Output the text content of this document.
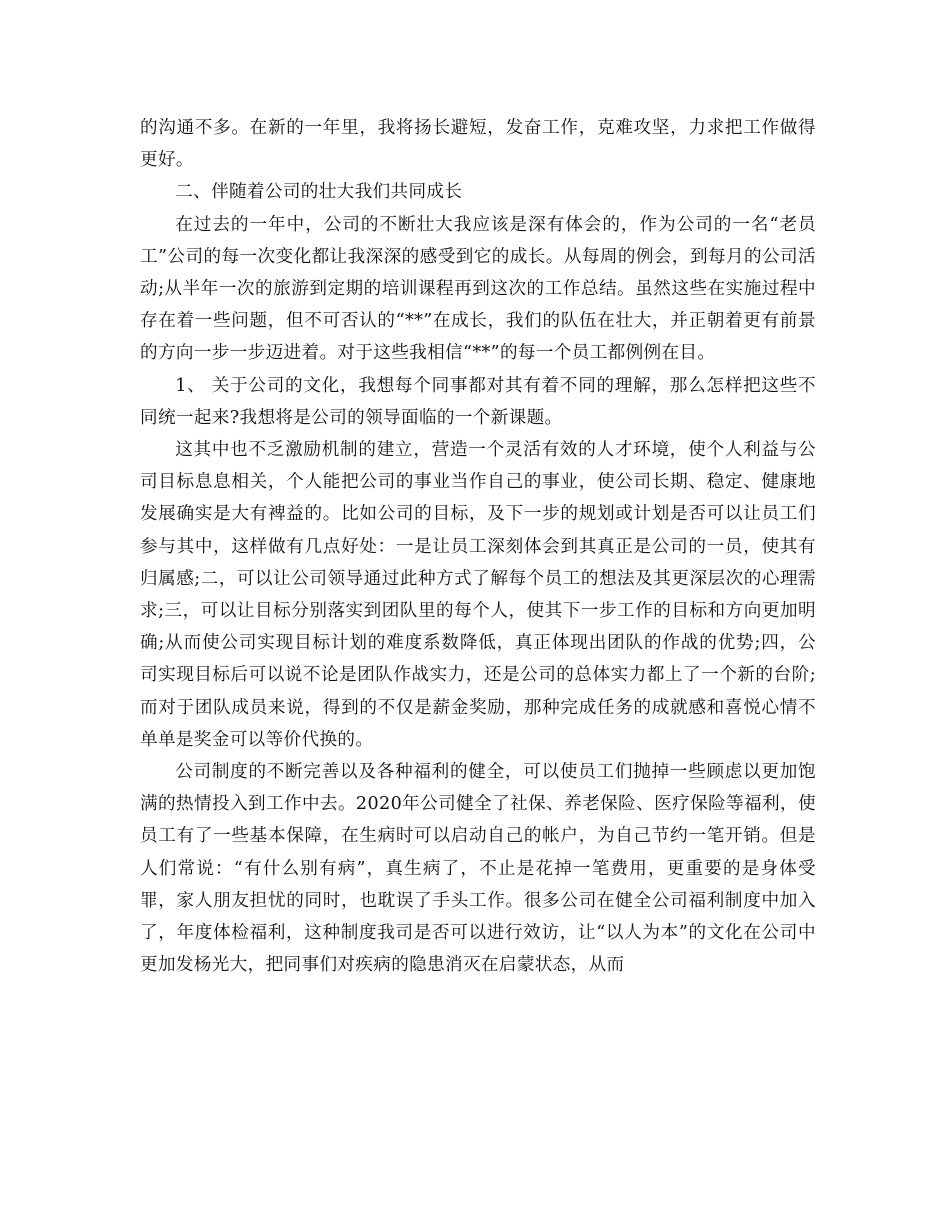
的沟通不多。在新的一年里，我将扬长避短，发奋工作，克难攻坚，力求把工作做得更好。

二、伴随着公司的壮大我们共同成长

在过去的一年中，公司的不断壮大我应该是深有体会的，作为公司的一名“老员工”公司的每一次变化都让我深深的感受到它的成长。从每周的例会，到每月的公司活动;从半年一次的旅游到定期的培训课程再到这次的工作总结。虽然这些在实施过程中存在着一些问题，但不可否认的“**”在成长，我们的队伍在壮大，并正朝着更有前景的方向一步一步迈进着。对于这些我相信“**”的每一个员工都例例在目。

1、 关于公司的文化，我想每个同事都对其有着不同的理解，那么怎样把这些不同统一起来?我想将是公司的领导面临的一个新课题。

这其中也不乏激励机制的建立，营造一个灵活有效的人才环境，使个人利益与公司目标息息相关，个人能把公司的事业当作自己的事业，使公司长期、稳定、健康地发展确实是大有裨益的。比如公司的目标，及下一步的规划或计划是否可以让员工们参与其中，这样做有几点好处：一是让员工深刻体会到其真正是公司的一员，使其有归属感;二，可以让公司领导通过此种方式了解每个员工的想法及其更深层次的心理需求;三，可以让目标分别落实到团队里的每个人，使其下一步工作的目标和方向更加明确;从而使公司实现目标计划的难度系数降低，真正体现出团队的作战的优势;四，公司实现目标后可以说不论是团队作战实力，还是公司的总体实力都上了一个新的台阶;而对于团队成员来说，得到的不仅是薪金奖励，那种完成任务的成就感和喜悦心情不单单是奖金可以等价代换的。

公司制度的不断完善以及各种福利的健全，可以使员工们抛掉一些顾虑以更加饱满的热情投入到工作中去。2020年公司健全了社保、养老保险、医疗保险等福利，使员工有了一些基本保障，在生病时可以启动自己的帐户，为自己节约一笔开销。但是人们常说：“有什么别有病”，真生病了，不止是花掉一笔费用，更重要的是身体受罪，家人朋友担忧的同时，也耽误了手头工作。很多公司在健全公司福利制度中加入了，年度体检福利，这种制度我司是否可以进行效访，让“以人为本”的文化在公司中更加发杨光大，把同事们对疾病的隐患消灭在启蒙状态，从而
